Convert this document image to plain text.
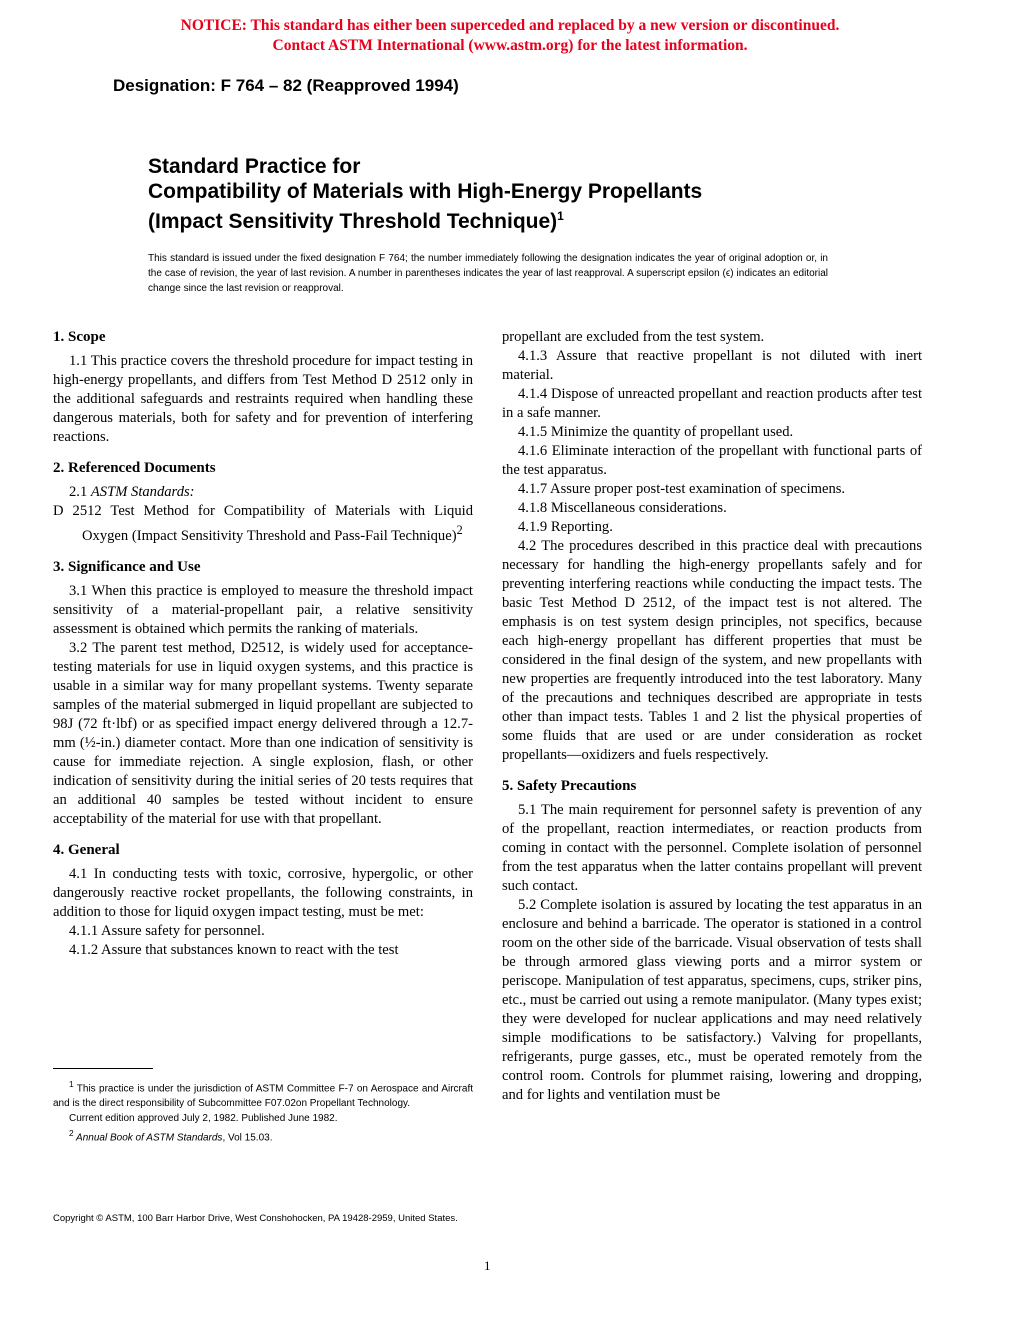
NOTICE: This standard has either been superceded and replaced by a new version or discontinued.
Contact ASTM International (www.astm.org) for the latest information.
Designation: F 764 – 82 (Reapproved 1994)
Standard Practice for
Compatibility of Materials with High-Energy Propellants
(Impact Sensitivity Threshold Technique)$^1$
This standard is issued under the fixed designation F 764; the number immediately following the designation indicates the year of original adoption or, in the case of revision, the year of last revision. A number in parentheses indicates the year of last reapproval. A superscript epsilon (ϵ) indicates an editorial change since the last revision or reapproval.
1. Scope

1.1 This practice covers the threshold procedure for impact testing in high-energy propellants, and differs from Test Method D 2512 only in the additional safeguards and restraints required when handling these dangerous materials, both for safety and for prevention of interfering reactions.

2. Referenced Documents

2.1 ASTM Standards:

D 2512 Test Method for Compatibility of Materials with Liquid Oxygen (Impact Sensitivity Threshold and Pass-Fail Technique)$^2$

3. Significance and Use

3.1 When this practice is employed to measure the threshold impact sensitivity of a material-propellant pair, a relative sensitivity assessment is obtained which permits the ranking of materials.

3.2 The parent test method, D2512, is widely used for acceptance-testing materials for use in liquid oxygen systems, and this practice is usable in a similar way for many propellant systems. Twenty separate samples of the material submerged in liquid propellant are subjected to 98J (72 ft·lbf) or as specified impact energy delivered through a 12.7-mm (½-in.) diameter contact. More than one indication of sensitivity is cause for immediate rejection. A single explosion, flash, or other indication of sensitivity during the initial series of 20 tests requires that an additional 40 samples be tested without incident to ensure acceptability of the material for use with that propellant.

4. General

4.1 In conducting tests with toxic, corrosive, hypergolic, or other dangerously reactive rocket propellants, the following constraints, in addition to those for liquid oxygen impact testing, must be met:

4.1.1 Assure safety for personnel.

4.1.2 Assure that substances known to react with the test

propellant are excluded from the test system.

4.1.3 Assure that reactive propellant is not diluted with inert material.

4.1.4 Dispose of unreacted propellant and reaction products after test in a safe manner.

4.1.5 Minimize the quantity of propellant used.

4.1.6 Eliminate interaction of the propellant with functional parts of the test apparatus.

4.1.7 Assure proper post-test examination of specimens.

4.1.8 Miscellaneous considerations.

4.1.9 Reporting.

4.2 The procedures described in this practice deal with precautions necessary for handling the high-energy propellants safely and for preventing interfering reactions while conducting the impact tests. The basic Test Method D 2512, of the impact test is not altered. The emphasis is on test system design principles, not specifics, because each high-energy propellant has different properties that must be considered in the final design of the system, and new propellants with new properties are frequently introduced into the test laboratory. Many of the precautions and techniques described are appropriate in tests other than impact tests. Tables 1 and 2 list the physical properties of some fluids that are used or are under consideration as rocket propellants—oxidizers and fuels respectively.

5. Safety Precautions

5.1 The main requirement for personnel safety is prevention of any of the propellant, reaction intermediates, or reaction products from coming in contact with the personnel. Complete isolation of personnel from the test apparatus when the latter contains propellant will prevent such contact.

5.2 Complete isolation is assured by locating the test apparatus in an enclosure and behind a barricade. The operator is stationed in a control room on the other side of the barricade. Visual observation of tests shall be through armored glass viewing ports and a mirror system or periscope. Manipulation of test apparatus, specimens, cups, striker pins, etc., must be carried out using a remote manipulator. (Many types exist; they were developed for nuclear applications and may need relatively simple modifications to be satisfactory.) Valving for propellants, refrigerants, purge gasses, etc., must be operated remotely from the control room. Controls for plummet raising, lowering and dropping, and for lights and ventilation must be

$^1$ This practice is under the jurisdiction of ASTM Committee F-7 on Aerospace and Aircraft and is the direct responsibility of Subcommittee F07.02on Propellant Technology.

Current edition approved July 2, 1982. Published June 1982.

$^2$ Annual Book of ASTM Standards, Vol 15.03.

Copyright © ASTM, 100 Barr Harbor Drive, West Conshohocken, PA 19428-2959, United States.
1
